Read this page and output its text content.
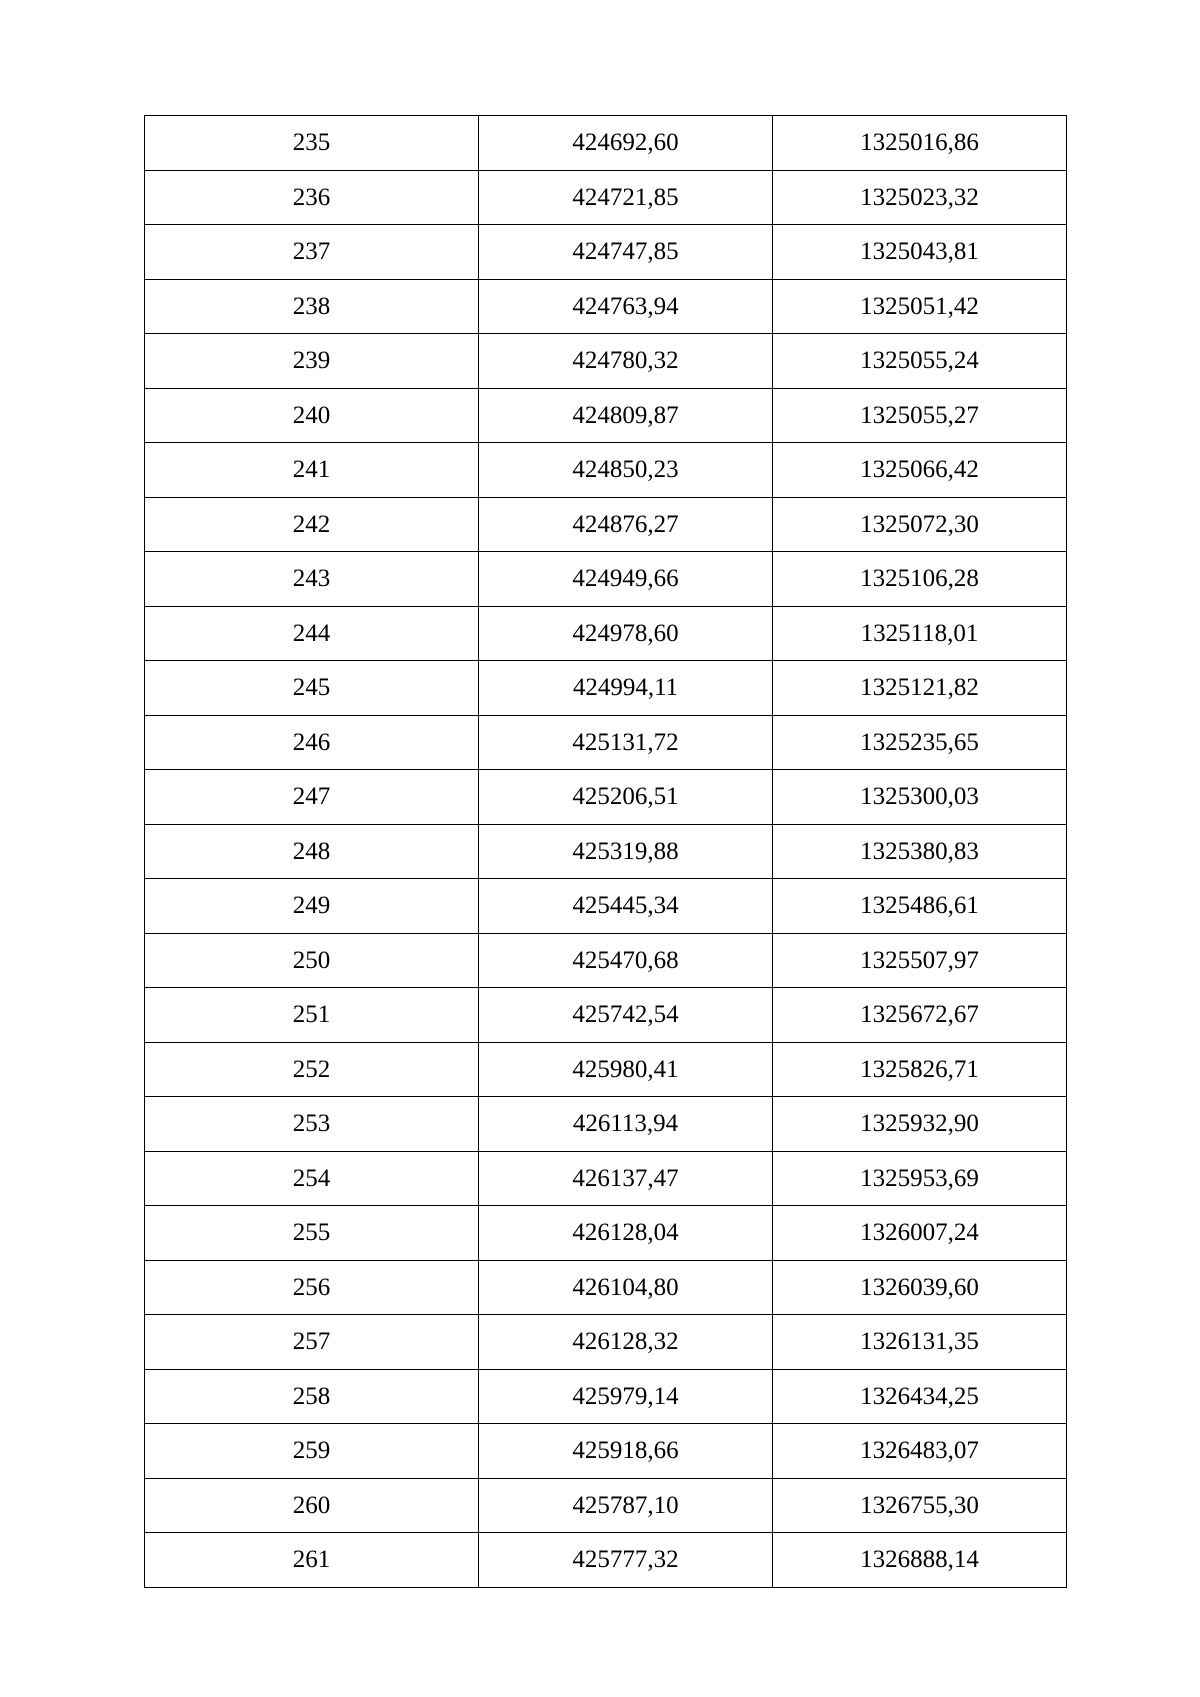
235	424692,60	1325016,86
236	424721,85	1325023,32
237	424747,85	1325043,81
238	424763,94	1325051,42
239	424780,32	1325055,24
240	424809,87	1325055,27
241	424850,23	1325066,42
242	424876,27	1325072,30
243	424949,66	1325106,28
244	424978,60	1325118,01
245	424994,11	1325121,82
246	425131,72	1325235,65
247	425206,51	1325300,03
248	425319,88	1325380,83
249	425445,34	1325486,61
250	425470,68	1325507,97
251	425742,54	1325672,67
252	425980,41	1325826,71
253	426113,94	1325932,90
254	426137,47	1325953,69
255	426128,04	1326007,24
256	426104,80	1326039,60
257	426128,32	1326131,35
258	425979,14	1326434,25
259	425918,66	1326483,07
260	425787,10	1326755,30
261	425777,32	1326888,14
